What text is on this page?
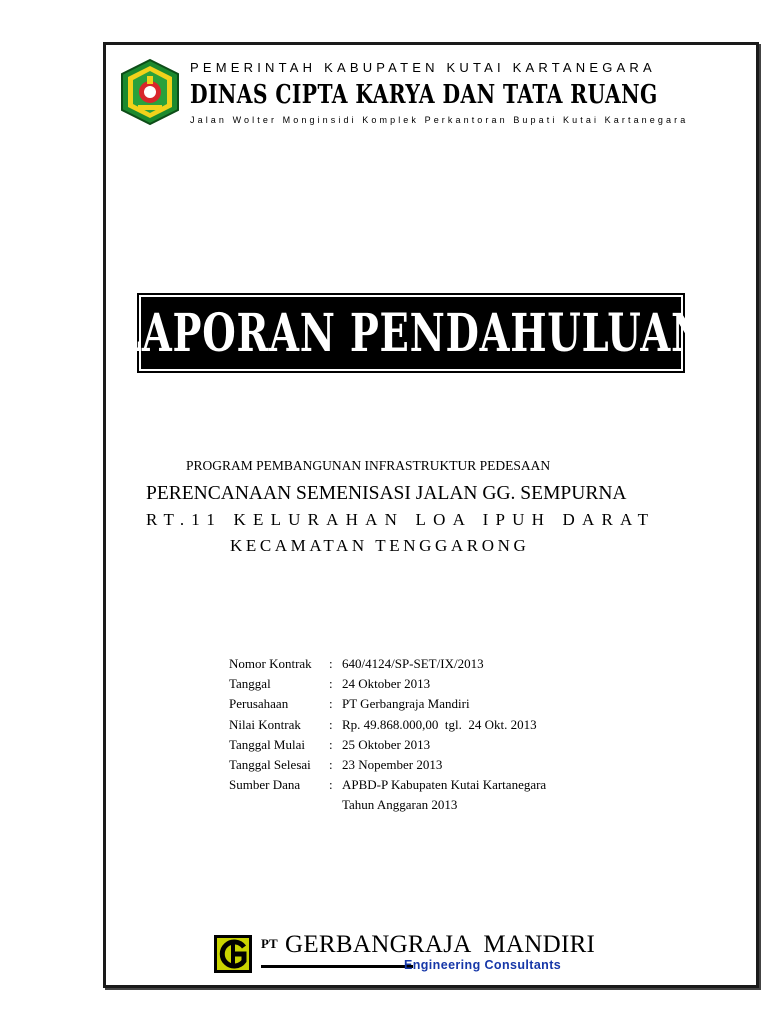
PEMERINTAH KABUPATEN KUTAI KARTANEGARA
DINAS CIPTA KARYA DAN TATA RUANG
Jalan Wolter Monginsidi Komplek Perkantoran Bupati Kutai Kartanegara
LAPORAN PENDAHULUAN
PROGRAM PEMBANGUNAN INFRASTRUKTUR PEDESAAN
PERENCANAAN SEMENISASI JALAN GG. SEMPURNA
RT.11 KELURAHAN LOA IPUH DARAT
KECAMATAN TENGGARONG
Nomor Kontrak	: 640/4124/SP-SET/IX/2013
Tanggal	: 24 Oktober 2013
Perusahaan	: PT Gerbangraja Mandiri
Nilai Kontrak	: Rp. 49.868.000,00  tgl.  24 Okt. 2013
Tanggal Mulai	: 25 Oktober 2013
Tanggal Selesai	: 23 Nopember 2013
Sumber Dana	: APBD-P Kabupaten Kutai Kartanegara
Tahun Anggaran 2013
PT GERBANGRAJA  MANDIRI
Engineering Consultants
